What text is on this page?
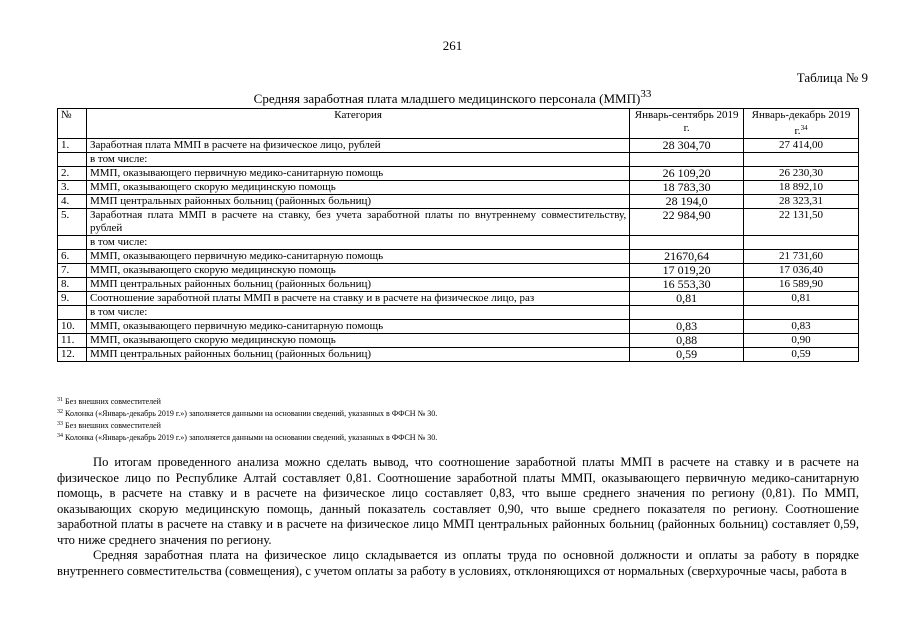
261
Таблица № 9
Средняя заработная плата младшего медицинского персонала (ММП)$^{33}$
№	Категория	Январь-сентябрь 2019 г.	Январь-декабрь 2019 г.$^{34}$
1.	Заработная плата ММП в расчете на физическое лицо, рублей	28 304,70	27 414,00
	в том числе:		
2.	ММП, оказывающего первичную медико-санитарную помощь	26 109,20	26 230,30
3.	ММП, оказывающего скорую медицинскую помощь	18 783,30	18 892,10
4.	ММП центральных районных больниц (районных больниц)	28 194,0	28 323,31
5.	Заработная плата ММП в расчете на ставку, без учета заработной платы по внутреннему совместительству, рублей	22 984,90	22 131,50
	в том числе:		
6.	ММП, оказывающего первичную медико-санитарную помощь	21670,64	21 731,60
7.	ММП, оказывающего скорую медицинскую помощь	17 019,20	17 036,40
8.	ММП центральных районных больниц (районных больниц)	16 553,30	16 589,90
9.	Соотношение заработной платы ММП в расчете на ставку и в расчете на физическое лицо, раз	0,81	0,81
	в том числе:		
10.	ММП, оказывающего первичную медико-санитарную помощь	0,83	0,83
11.	ММП, оказывающего скорую медицинскую помощь	0,88	0,90
12.	ММП центральных районных больниц (районных больниц)	0,59	0,59
$^{31}$ Без внешних совместителей
$^{32}$ Колонка («Январь-декабрь 2019 г.») заполняется данными на основании сведений, указанных в ФФСН № 30.
$^{33}$ Без внешних совместителей
$^{34}$ Колонка («Январь-декабрь 2019 г.») заполняется данными на основании сведений, указанных в ФФСН № 30.

По итогам проведенного анализа можно сделать вывод, что соотношение заработной платы ММП в расчете на ставку и в расчете на физическое лицо по Республике Алтай составляет 0,81. Соотношение заработной платы ММП, оказывающего первичную медико-санитарную помощь, в расчете на ставку и в расчете на физическое лицо составляет 0,83, что выше среднего значения по региону (0,81). По ММП, оказывающих скорую медицинскую помощь, данный показатель составляет 0,90, что выше среднего показателя по региону. Соотношение заработной платы в расчете на ставку и в расчете на физическое лицо ММП центральных районных больниц (районных больниц) составляет 0,59, что ниже среднего значения по региону.

Средняя заработная плата на физическое лицо складывается из оплаты труда по основной должности и оплаты за работу в порядке внутреннего совместительства (совмещения), с учетом оплаты за работу в условиях, отклоняющихся от нормальных (сверхурочные часы, работа в
